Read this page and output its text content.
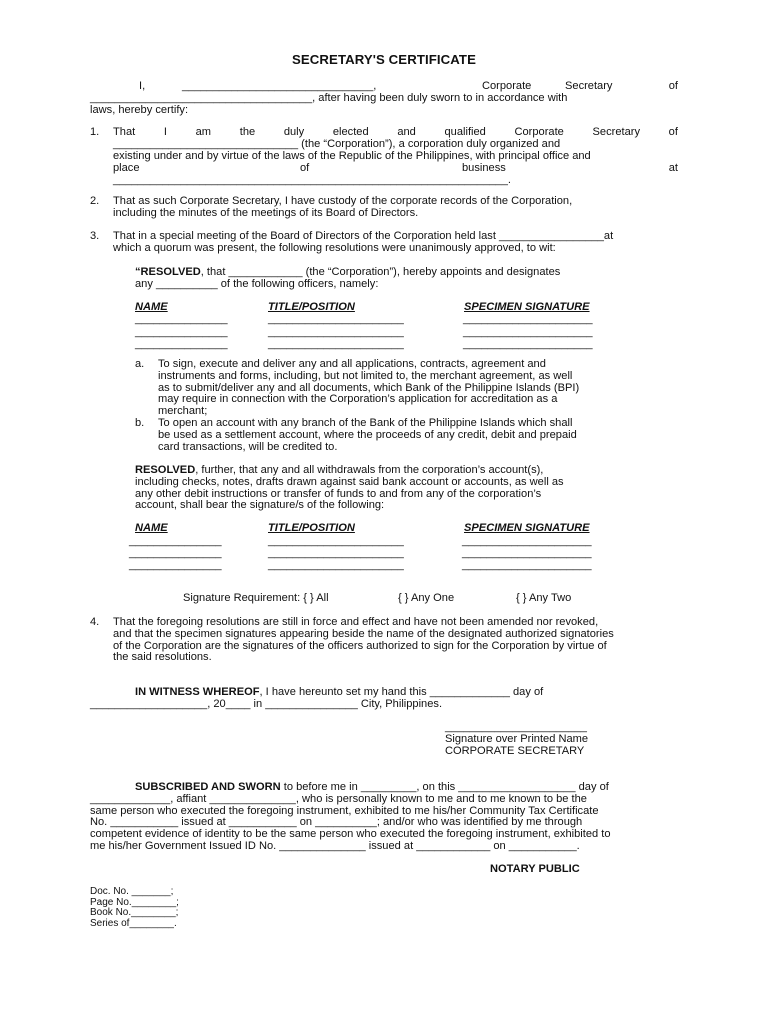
SECRETARY'S CERTIFICATE
I,	_______________________________,	Corporate	Secretary	of
____________________________________, after having been duly sworn to in accordance with
laws, hereby certify:
1. That	I	am	the	duly	elected	and	qualified	Corporate	Secretary	of
______________________________ (the “Corporation”), a corporation duly organized and
existing under and by virtue of the laws of the Republic of the Philippines, with principal office and
place	of	business	at
________________________________________________________________.
2. That as such Corporate Secretary, I have custody of the corporate records of the Corporation,
including the minutes of the meetings of its Board of Directors.
3. That in a special meeting of the Board of Directors of the Corporation held last _________________at
which a quorum was present, the following resolutions were unanimously approved, to wit:
“RESOLVED, that ____________ (the “Corporation”), hereby appoints and designates
any __________ of the following officers, namely:
NAME	TITLE/POSITION	SPECIMEN SIGNATURE
_______________	______________________	_____________________
_______________	______________________	_____________________
_______________	______________________	_____________________
a. To sign, execute and deliver any and all applications, contracts, agreement and
instruments and forms, including, but not limited to, the merchant agreement, as well
as to submit/deliver any and all documents, which Bank of the Philippine Islands (BPI)
may require in connection with the Corporation’s application for accreditation as a
merchant;
b. To open an account with any branch of the Bank of the Philippine Islands which shall
be used as a settlement account, where the proceeds of any credit, debit and prepaid
card transactions, will be credited to.
RESOLVED, further, that any and all withdrawals from the corporation’s account(s),
including checks, notes, drafts drawn against said bank account or accounts, as well as
any other debit instructions or transfer of funds to and from any of the corporation’s
account, shall bear the signature/s of the following:
NAME	TITLE/POSITION	SPECIMEN SIGNATURE
_______________	______________________	_____________________
_______________	______________________	_____________________
_______________	______________________	_____________________
Signature Requirement: { } All	{ } Any One	{ } Any Two
4. That the foregoing resolutions are still in force and effect and have not been amended nor revoked,
and that the specimen signatures appearing beside the name of the designated authorized signatories
of the Corporation are the signatures of the officers authorized to sign for the Corporation by virtue of
the said resolutions.
IN WITNESS WHEREOF, I have hereunto set my hand this _____________ day of
___________________, 20____ in _______________ City, Philippines.
_______________________
Signature over Printed Name
CORPORATE SECRETARY
SUBSCRIBED AND SWORN to before me in _________, on this ___________________ day of
_____________, affiant ______________, who is personally known to me and to me known to be the
same person who executed the foregoing instrument, exhibited to me his/her Community Tax Certificate
No. ___________ issued at ___________ on __________; and/or who was identified by me through
competent evidence of identity to be the same person who executed the foregoing instrument, exhibited to
me his/her Government Issued ID No. ______________ issued at ____________ on ___________.
NOTARY PUBLIC
Doc. No. _______;
Page No.________;
Book No.________;
Series of________.
